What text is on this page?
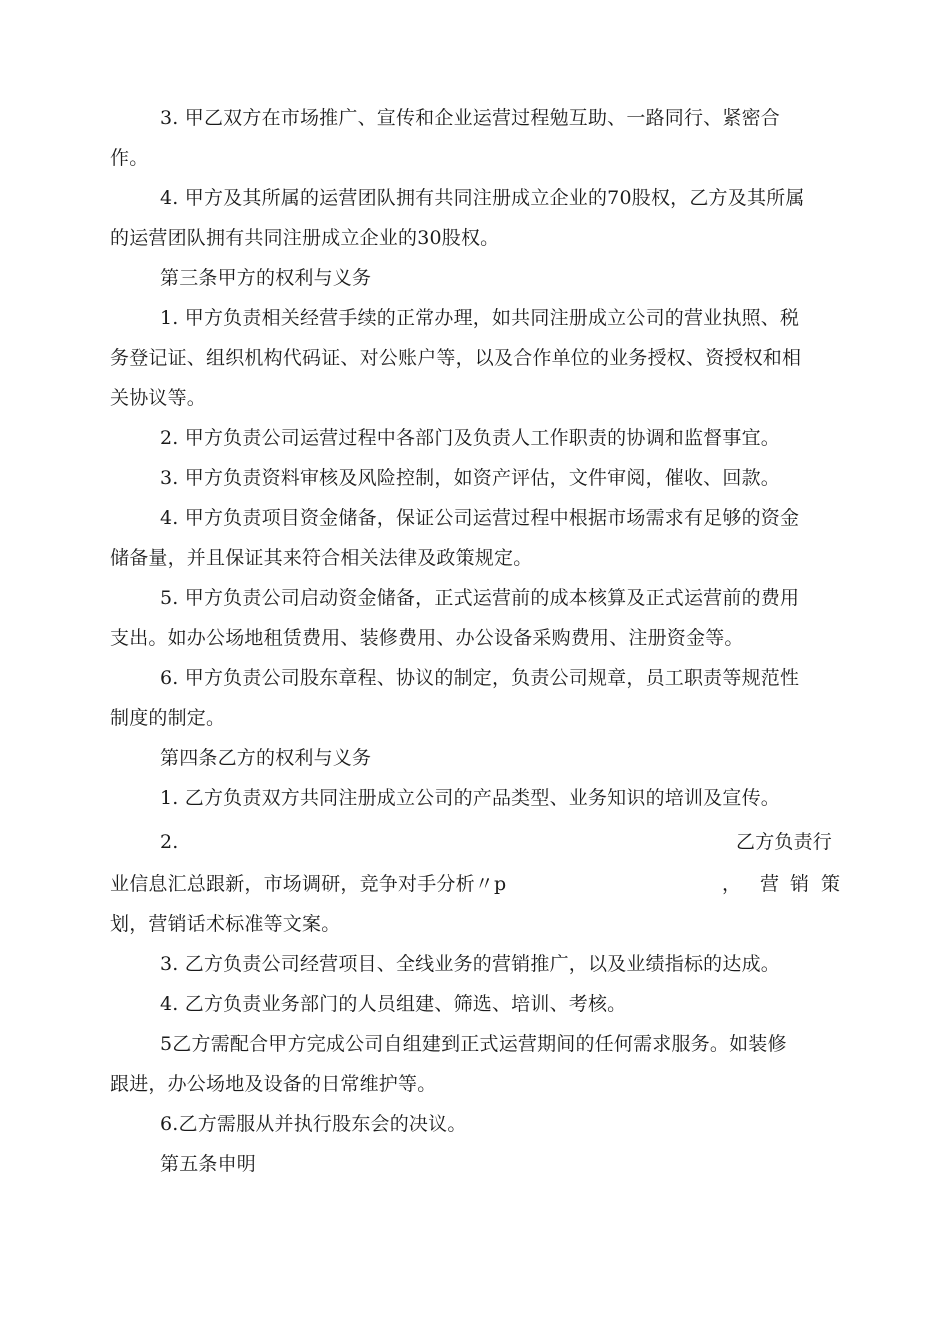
3. 甲乙双方在市场推广、宣传和企业运营过程勉互助、一路同行、紧密合
作。
4. 甲方及其所属的运营团队拥有共同注册成立企业的70股权，乙方及其所属
的运营团队拥有共同注册成立企业的30股权。
第三条甲方的权利与义务
1. 甲方负责相关经营手续的正常办理，如共同注册成立公司的营业执照、税
务登记证、组织机构代码证、对公账户等，以及合作单位的业务授权、资授权和相
关协议等。
2. 甲方负责公司运营过程中各部门及负责人工作职责的协调和监督事宜。
3. 甲方负责资料审核及风险控制，如资产评估，文件审阅，催收、回款。
4. 甲方负责项目资金储备，保证公司运营过程中根据市场需求有足够的资金
储备量，并且保证其来符合相关法律及政策规定。
5. 甲方负责公司启动资金储备，正式运营前的成本核算及正式运营前的费用
支出。如办公场地租赁费用、装修费用、办公设备采购费用、注册资金等。
6. 甲方负责公司股东章程、协议的制定，负责公司规章，员工职责等规范性
制度的制定。
第四条乙方的权利与义务
1. 乙方负责双方共同注册成立公司的产品类型、业务知识的培训及宣传。
2.	乙方负责行
业信息汇总跟新，市场调研，竞争对手分析〃p	， 营 销 策
划，营销话术标准等文案。
3. 乙方负责公司经营项目、全线业务的营销推广，以及业绩指标的达成。
4. 乙方负责业务部门的人员组建、筛选、培训、考核。
5乙方需配合甲方完成公司自组建到正式运营期间的任何需求服务。如装修
跟进，办公场地及设备的日常维护等。
6.乙方需服从并执行股东会的决议。
第五条申明
